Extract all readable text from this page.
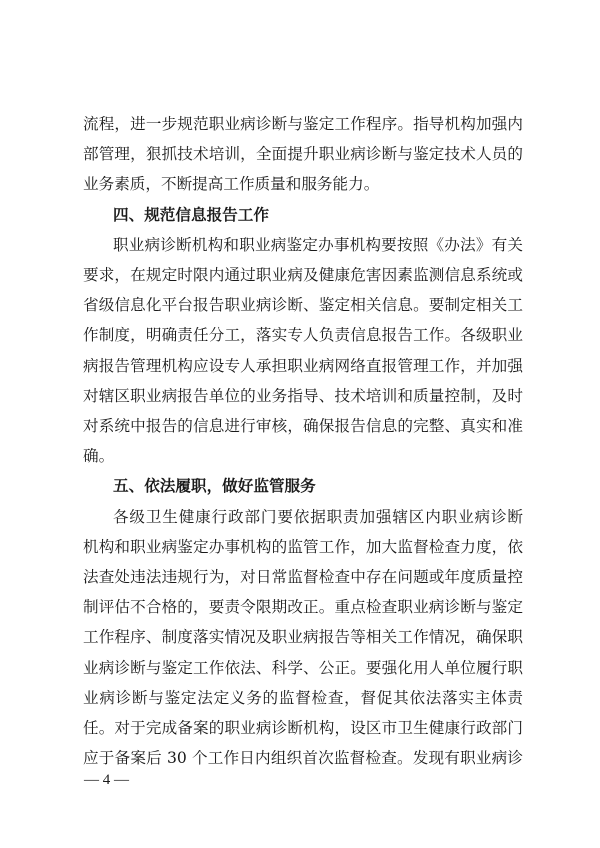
流程，进一步规范职业病诊断与鉴定工作程序。指导机构加强内
部管理，狠抓技术培训，全面提升职业病诊断与鉴定技术人员的
业务素质，不断提高工作质量和服务能力。
四、规范信息报告工作
职业病诊断机构和职业病鉴定办事机构要按照《办法》有关
要求，在规定时限内通过职业病及健康危害因素监测信息系统或
省级信息化平台报告职业病诊断、鉴定相关信息。要制定相关工
作制度，明确责任分工，落实专人负责信息报告工作。各级职业
病报告管理机构应设专人承担职业病网络直报管理工作，并加强
对辖区职业病报告单位的业务指导、技术培训和质量控制，及时
对系统中报告的信息进行审核，确保报告信息的完整、真实和准
确。
五、依法履职，做好监管服务
各级卫生健康行政部门要依据职责加强辖区内职业病诊断
机构和职业病鉴定办事机构的监管工作，加大监督检查力度，依
法查处违法违规行为，对日常监督检查中存在问题或年度质量控
制评估不合格的，要责令限期改正。重点检查职业病诊断与鉴定
工作程序、制度落实情况及职业病报告等相关工作情况，确保职
业病诊断与鉴定工作依法、科学、公正。要强化用人单位履行职
业病诊断与鉴定法定义务的监督检查，督促其依法落实主体责
任。对于完成备案的职业病诊断机构，设区市卫生健康行政部门
应于备案后 30 个工作日内组织首次监督检查。发现有职业病诊
— 4 —
